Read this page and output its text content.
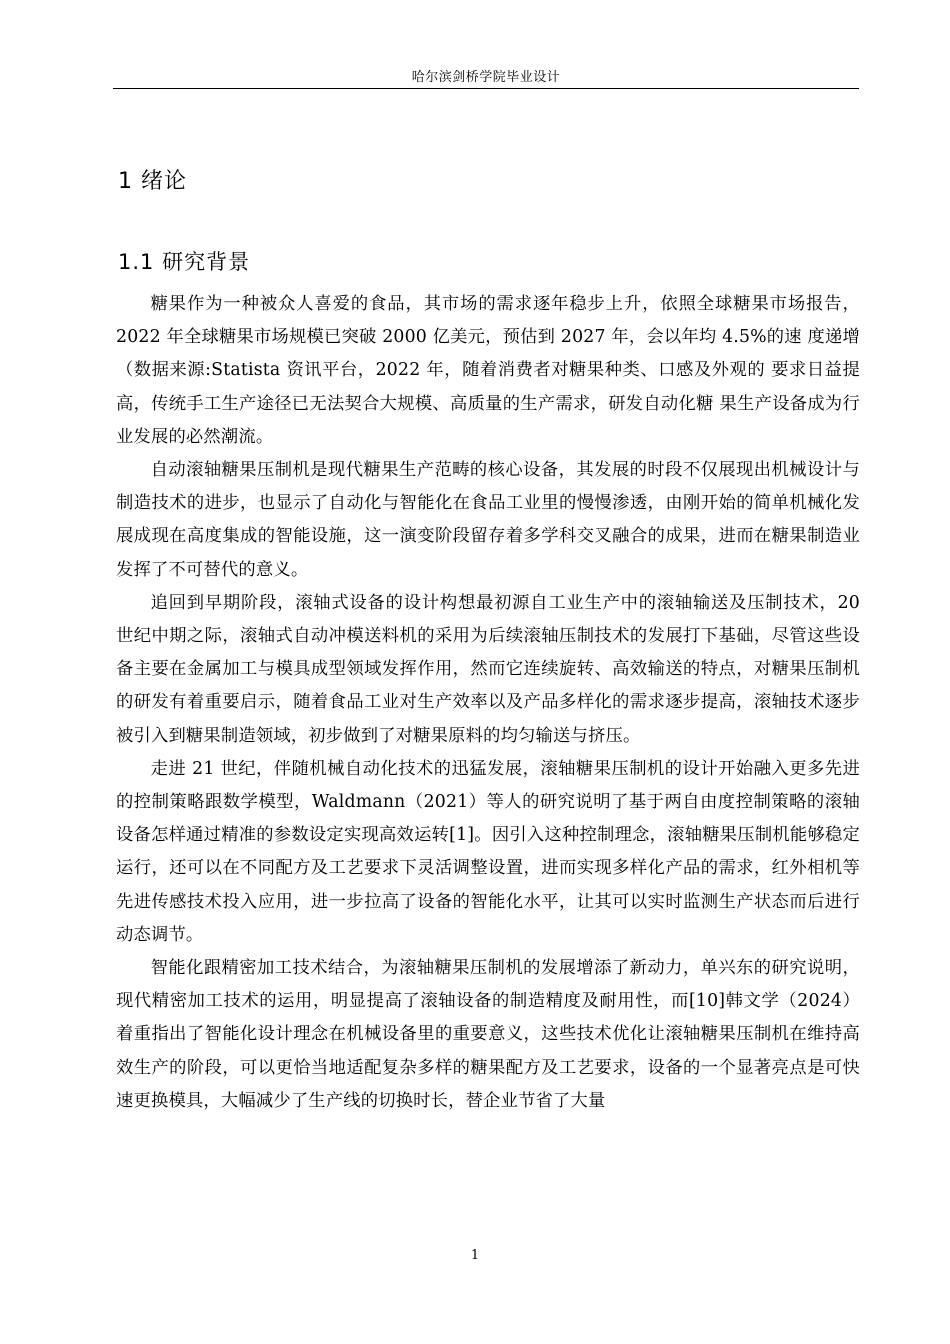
哈尔滨剑桥学院毕业设计
1 绪论
1.1 研究背景

糖果作为一种被众人喜爱的食品，其市场的需求逐年稳步上升，依照全球糖果市场报告，2022 年全球糖果市场规模已突破 2000 亿美元，预估到 2027 年，会以年均 4.5%的速 度递增（数据来源:Statista 资讯平台，2022 年，随着消费者对糖果种类、口感及外观的 要求日益提高，传统手工生产途径已无法契合大规模、高质量的生产需求，研发自动化糖 果生产设备成为行业发展的必然潮流。

自动滚轴糖果压制机是现代糖果生产范畴的核心设备，其发展的时段不仅展现出机械设计与制造技术的进步，也显示了自动化与智能化在食品工业里的慢慢渗透，由刚开始的简单机械化发展成现在高度集成的智能设施，这一演变阶段留存着多学科交叉融合的成果，进而在糖果制造业发挥了不可替代的意义。

追回到早期阶段，滚轴式设备的设计构想最初源自工业生产中的滚轴输送及压制技术，20 世纪中期之际，滚轴式自动冲模送料机的采用为后续滚轴压制技术的发展打下基础，尽管这些设备主要在金属加工与模具成型领域发挥作用，然而它连续旋转、高效输送的特点，对糖果压制机的研发有着重要启示，随着食品工业对生产效率以及产品多样化的需求逐步提高，滚轴技术逐步被引入到糖果制造领域，初步做到了对糖果原料的均匀输送与挤压。

走进 21 世纪，伴随机械自动化技术的迅猛发展，滚轴糖果压制机的设计开始融入更多先进的控制策略跟数学模型，Waldmann（2021）等人的研究说明了基于两自由度控制策略的滚轴设备怎样通过精准的参数设定实现高效运转[1]。因引入这种控制理念，滚轴糖果压制机能够稳定运行，还可以在不同配方及工艺要求下灵活调整设置，进而实现多样化产品的需求，红外相机等先进传感技术投入应用，进一步拉高了设备的智能化水平，让其可以实时监测生产状态而后进行动态调节。

智能化跟精密加工技术结合，为滚轴糖果压制机的发展增添了新动力，单兴东的研究说明，现代精密加工技术的运用，明显提高了滚轴设备的制造精度及耐用性，而[10]韩文学（2024）着重指出了智能化设计理念在机械设备里的重要意义，这些技术优化让滚轴糖果压制机在维持高效生产的阶段，可以更恰当地适配复杂多样的糖果配方及工艺要求，设备的一个显著亮点是可快速更换模具，大幅减少了生产线的切换时长，替企业节省了大量

1
